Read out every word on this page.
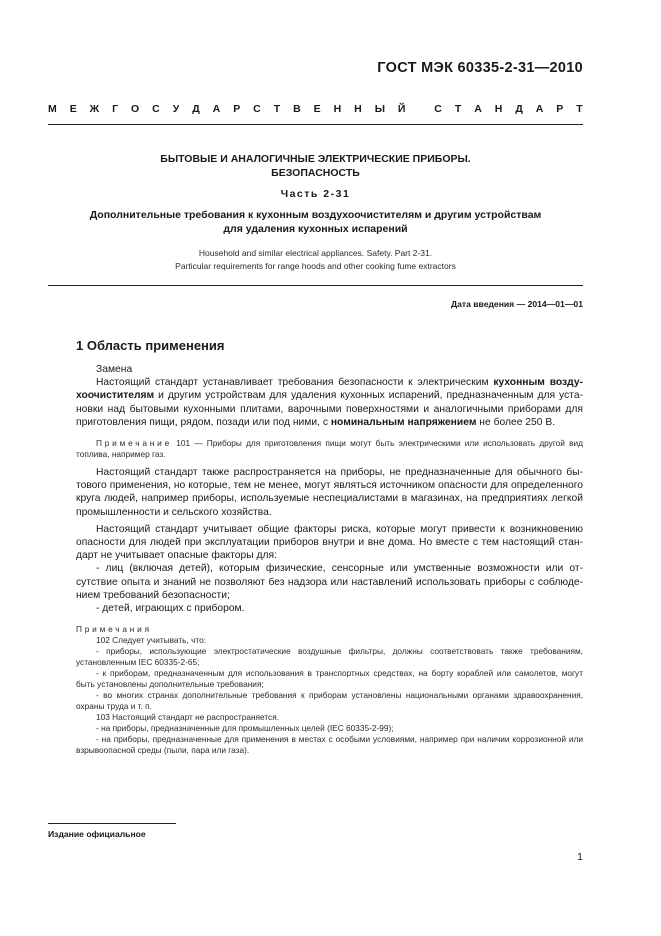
ГОСТ МЭК 60335-2-31—2010
М Е Ж Г О С У Д А Р С Т В Е Н Н Ы Й
	С Т А Н Д А Р Т
БЫТОВЫЕ И АНАЛОГИЧНЫЕ ЭЛЕКТРИЧЕСКИЕ ПРИБОРЫ.
БЕЗОПАСНОСТЬ
Часть 2-31
Дополнительные требования к кухонным воздухоочистителям и другим устройствам
для удаления кухонных испарений
Household and similar electrical appliances. Safety. Part 2-31.
Particular requirements for range hoods and other cooking fume extractors
Дата введения — 2014—01—01
1 Область применения

Замена

Настоящий стандарт устанавливает требования безопасности к электрическим кухонным воздухоочистителям и другим устройствам для удаления кухонных испарений, предназначенным для установки над бытовыми кухонными плитами, варочными поверхностями и аналогичными приборами для приготовления пищи, рядом, позади или под ними, с номинальным напряжением не более 250 В.

Примечание 101 — Приборы для приготовления пищи могут быть электрическими или использовать другой вид топлива, например газ.

Настоящий стандарт также распространяется на приборы, не предназначенные для обычного бытового применения, но которые, тем не менее, могут являться источником опасности для определенного круга людей, например приборы, используемые неспециалистами в магазинах, на предприятиях легкой промышленности и сельского хозяйства.

Настоящий стандарт учитывает общие факторы риска, которые могут привести к возникновению опасности для людей при эксплуатации приборов внутри и вне дома. Но вместе с тем настоящий стандарт не учитывает опасные факторы для:

- лиц (включая детей), которым физические, сенсорные или умственные возможности или отсутствие опыта и знаний не позволяют без надзора или наставлений использовать приборы с соблюдением требований безопасности;

- детей, играющих с прибором.

Примечания

102 Следует учитывать, что:

- приборы, использующие электростатические воздушные фильтры, должны соответствовать также требованиям, установленным IEC 60335-2-65;

- к приборам, предназначенным для использования в транспортных средствах, на борту кораблей или самолетов, могут быть установлены дополнительные требования;

- во многих странах дополнительные требования к приборам установлены национальными органами здравоохранения, охраны труда и т. п.

103 Настоящий стандарт не распространяется.

- на приборы, предназначенные для промышленных целей (IEC 60335-2-99);

- на приборы, предназначенные для применения в местах с особыми условиями, например при наличии коррозионной или взрывоопасной среды (пыли, пара или газа).

Издание официальное
1
